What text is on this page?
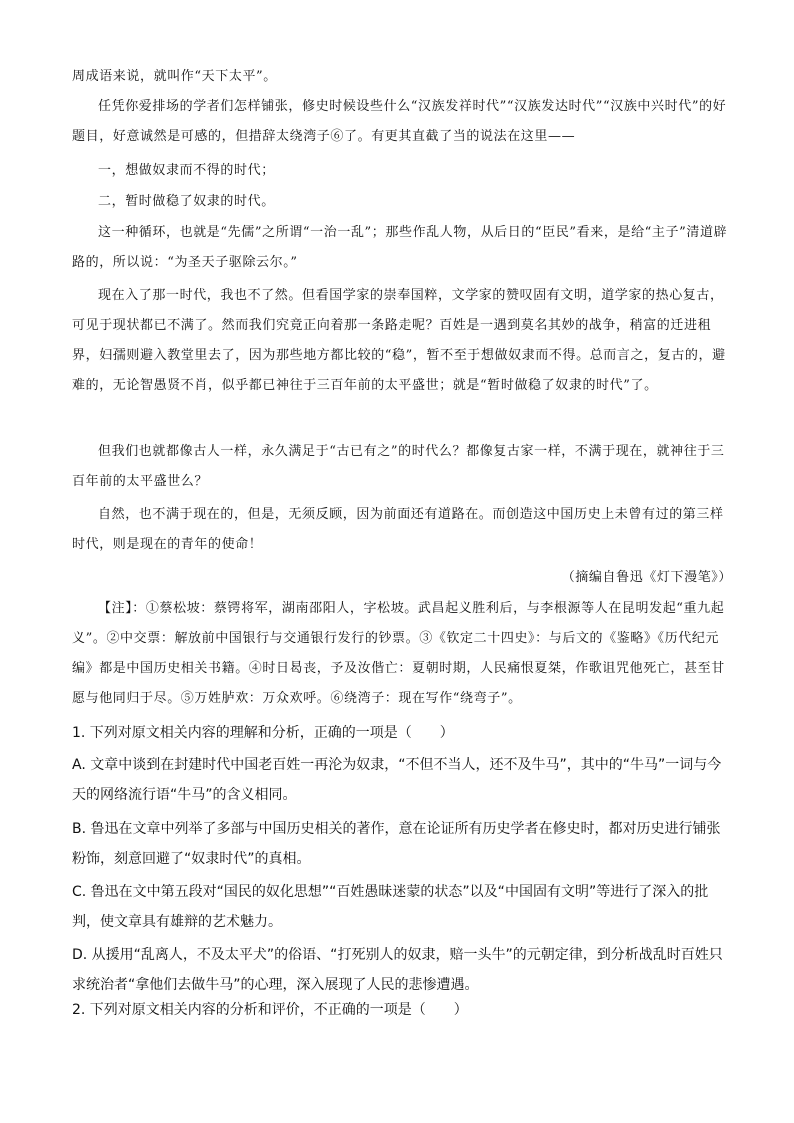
周成语来说，就叫作“天下太平”。

任凭你爱排场的学者们怎样铺张，修史时候设些什么“汉族发祥时代”“汉族发达时代”“汉族中兴时代”的好题目，好意诚然是可感的，但措辞太绕湾子⑥了。有更其直截了当的说法在这里——

一，想做奴隶而不得的时代；

二，暂时做稳了奴隶的时代。

这一种循环，也就是“先儒”之所谓“一治一乱”；那些作乱人物，从后日的“臣民”看来，是给“主子”清道辟路的，所以说：“为圣天子驱除云尔。”

现在入了那一时代，我也不了然。但看国学家的崇奉国粹，文学家的赞叹固有文明，道学家的热心复古，可见于现状都已不满了。然而我们究竟正向着那一条路走呢？百姓是一遇到莫名其妙的战争，稍富的迁进租界，妇孺则避入教堂里去了，因为那些地方都比较的“稳”，暂不至于想做奴隶而不得。总而言之，复古的，避难的，无论智愚贤不肖，似乎都已神往于三百年前的太平盛世；就是“暂时做稳了奴隶的时代”了。

但我们也就都像古人一样，永久满足于“古已有之”的时代么？都像复古家一样，不满于现在，就神往于三百年前的太平盛世么？

自然，也不满于现在的，但是，无须反顾，因为前面还有道路在。而创造这中国历史上未曾有过的第三样时代，则是现在的青年的使命！

（摘编自鲁迅《灯下漫笔》）

【注】：①蔡松坡：蔡锷将军，湖南邵阳人，字松坡。武昌起义胜利后，与李根源等人在昆明发起“重九起义”。②中交票：解放前中国银行与交通银行发行的钞票。③《钦定二十四史》：与后文的《鉴略》《历代纪元编》都是中国历史相关书籍。④时日曷丧，予及汝偕亡：夏朝时期，人民痛恨夏桀，作歌诅咒他死亡，甚至甘愿与他同归于尽。⑤万姓胪欢：万众欢呼。⑥绕湾子：现在写作“绕弯子”。

1. 下列对原文相关内容的理解和分析，正确的一项是（　　）

A. 文章中谈到在封建时代中国老百姓一再沦为奴隶，“不但不当人，还不及牛马”，其中的“牛马”一词与今天的网络流行语“牛马”的含义相同。

B. 鲁迅在文章中列举了多部与中国历史相关的著作，意在论证所有历史学者在修史时，都对历史进行铺张粉饰，刻意回避了“奴隶时代”的真相。

C. 鲁迅在文中第五段对“国民的奴化思想”“百姓愚昧迷蒙的状态”以及“中国固有文明”等进行了深入的批判，使文章具有雄辩的艺术魅力。

D. 从援用“乱离人，不及太平犬”的俗语、“打死别人的奴隶，赔一头牛”的元朝定律，到分析战乱时百姓只求统治者“拿他们去做牛马”的心理，深入展现了人民的悲惨遭遇。

2. 下列对原文相关内容的分析和评价，不正确的一项是（　　）
